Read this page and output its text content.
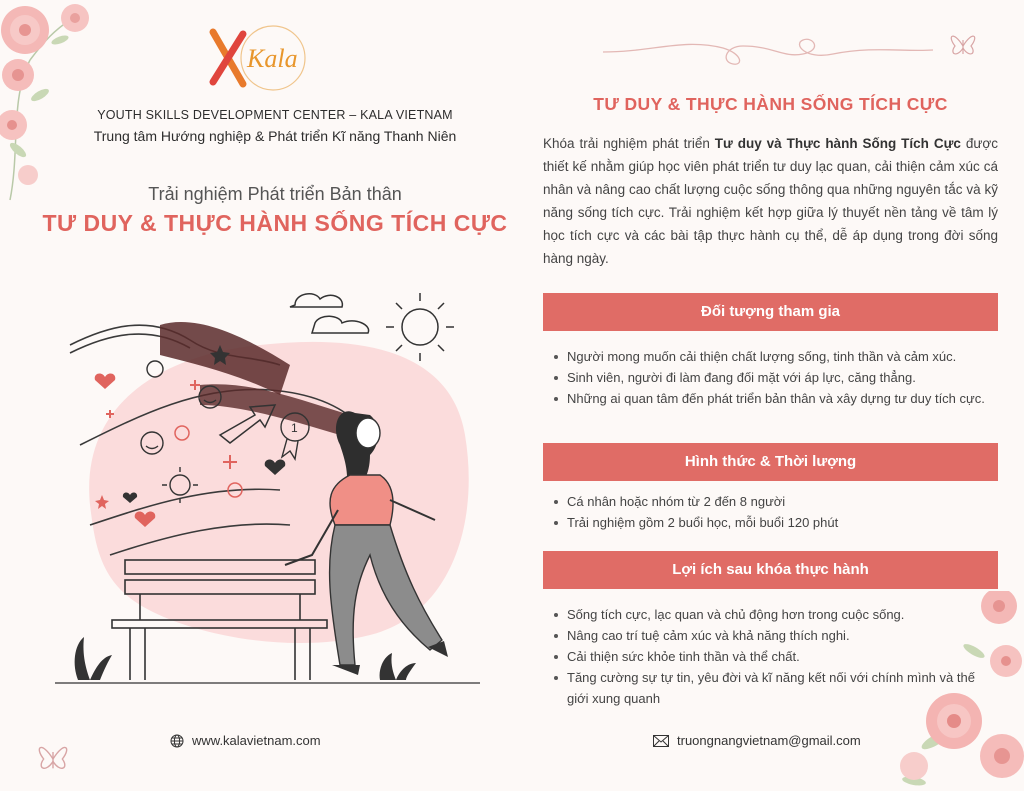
Kala
YOUTH SKILLS DEVELOPMENT CENTER – KALA VIETNAM
Trung tâm Hướng nghiệp & Phát triển Kĩ năng Thanh Niên
Trải nghiệm Phát triển Bản thân
TƯ DUY & THỰC HÀNH SỐNG TÍCH CỰC
1
www.kalavietnam.com
TƯ DUY & THỰC HÀNH SỐNG TÍCH CỰC

Khóa trải nghiệm phát triển Tư duy và Thực hành Sống Tích Cực được thiết kế nhằm giúp học viên phát triển tư duy lạc quan, cải thiện cảm xúc cá nhân và nâng cao chất lượng cuộc sống thông qua những nguyên tắc và kỹ năng sống tích cực. Trải nghiệm kết hợp giữa lý thuyết nền tảng về tâm lý học tích cực và các bài tập thực hành cụ thể, dễ áp dụng trong đời sống hàng ngày.

Đối tượng tham gia
Người mong muốn cải thiện chất lượng sống, tinh thần và cảm xúc.
Sinh viên, người đi làm đang đối mặt với áp lực, căng thẳng.
Những ai quan tâm đến phát triển bản thân và xây dựng tư duy tích cực.
Hình thức & Thời lượng
Cá nhân hoặc nhóm từ 2 đến 8 người
Trải nghiệm gồm 2 buổi học, mỗi buổi 120 phút
Lợi ích sau khóa thực hành
Sống tích cực, lạc quan và chủ động hơn trong cuộc sống.
Nâng cao trí tuệ cảm xúc và khả năng thích nghi.
Cải thiện sức khỏe tinh thần và thể chất.
Tăng cường sự tự tin, yêu đời và kĩ năng kết nối với chính mình và thế giới xung quanh
truongnangvietnam@gmail.com
